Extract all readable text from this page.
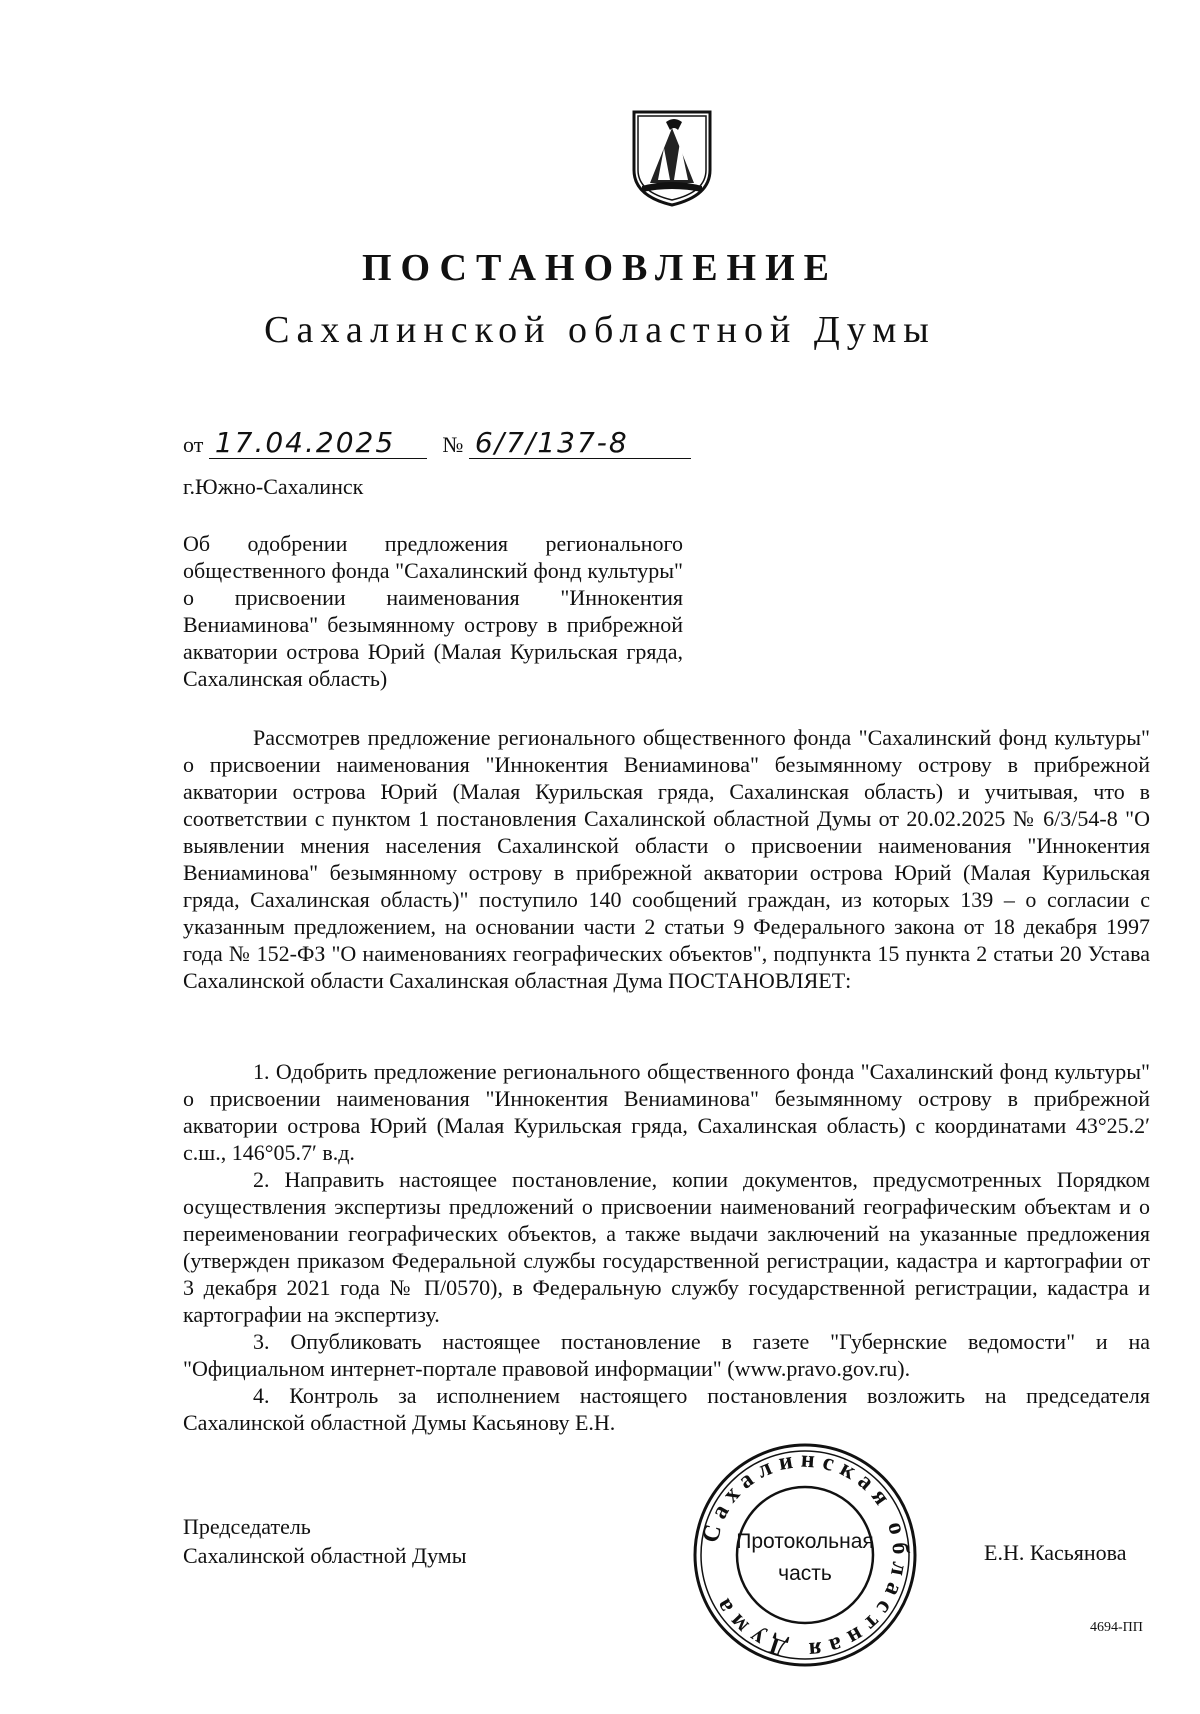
ПОСТАНОВЛЕНИЕ
Сахалинской областной Думы
от 17.04.2025 № 6/7/137-8
г.Южно-Сахалинск
Об одобрении предложения регионального общественного фонда "Сахалинский фонд культуры" о присвоении наименования "Иннокентия Вениаминова" безымянному острову в прибрежной акватории острова Юрий (Малая Курильская гряда, Сахалинская область)

Рассмотрев предложение регионального общественного фонда "Сахалинский фонд культуры" о присвоении наименования "Иннокентия Вениаминова" безымянному острову в прибрежной акватории острова Юрий (Малая Курильская гряда, Сахалинская область) и учитывая, что в соответствии с пунктом 1 постановления Сахалинской областной Думы от 20.02.2025 № 6/3/54-8 "О выявлении мнения населения Сахалинской области о присвоении наименования "Иннокентия Вениаминова" безымянному острову в прибрежной акватории острова Юрий (Малая Курильская гряда, Сахалинская область)" поступило 140 сообщений граждан, из которых 139 – о согласии с указанным предложением, на основании части 2 статьи 9 Федерального закона от 18 декабря 1997 года № 152-ФЗ "О наименованиях географических объектов", подпункта 15 пункта 2 статьи 20 Устава Сахалинской области Сахалинская областная Дума ПОСТАНОВЛЯЕТ:

1. Одобрить предложение регионального общественного фонда "Сахалинский фонд культуры" о присвоении наименования "Иннокентия Вениаминова" безымянному острову в прибрежной акватории острова Юрий (Малая Курильская гряда, Сахалинская область) с координатами 43°25.2′ с.ш., 146°05.7′ в.д.

2. Направить настоящее постановление, копии документов, предусмотренных Порядком осуществления экспертизы предложений о присвоении наименований географическим объектам и о переименовании географических объектов, а также выдачи заключений на указанные предложения (утвержден приказом Федеральной службы государственной регистрации, кадастра и картографии от 3 декабря 2021 года № П/0570), в Федеральную службу государственной регистрации, кадастра и картографии на экспертизу.

3. Опубликовать настоящее постановление в газете "Губернские ведомости" и на "Официальном интернет-портале правовой информации" (www.pravo.gov.ru).

4. Контроль за исполнением настоящего постановления возложить на председателя Сахалинской областной Думы Касьянову Е.Н.

Председатель
Сахалинской областной Думы
Сахалинская областная Дума
Протокольная
часть
Е.Н. Касьянова
4694-ПП
